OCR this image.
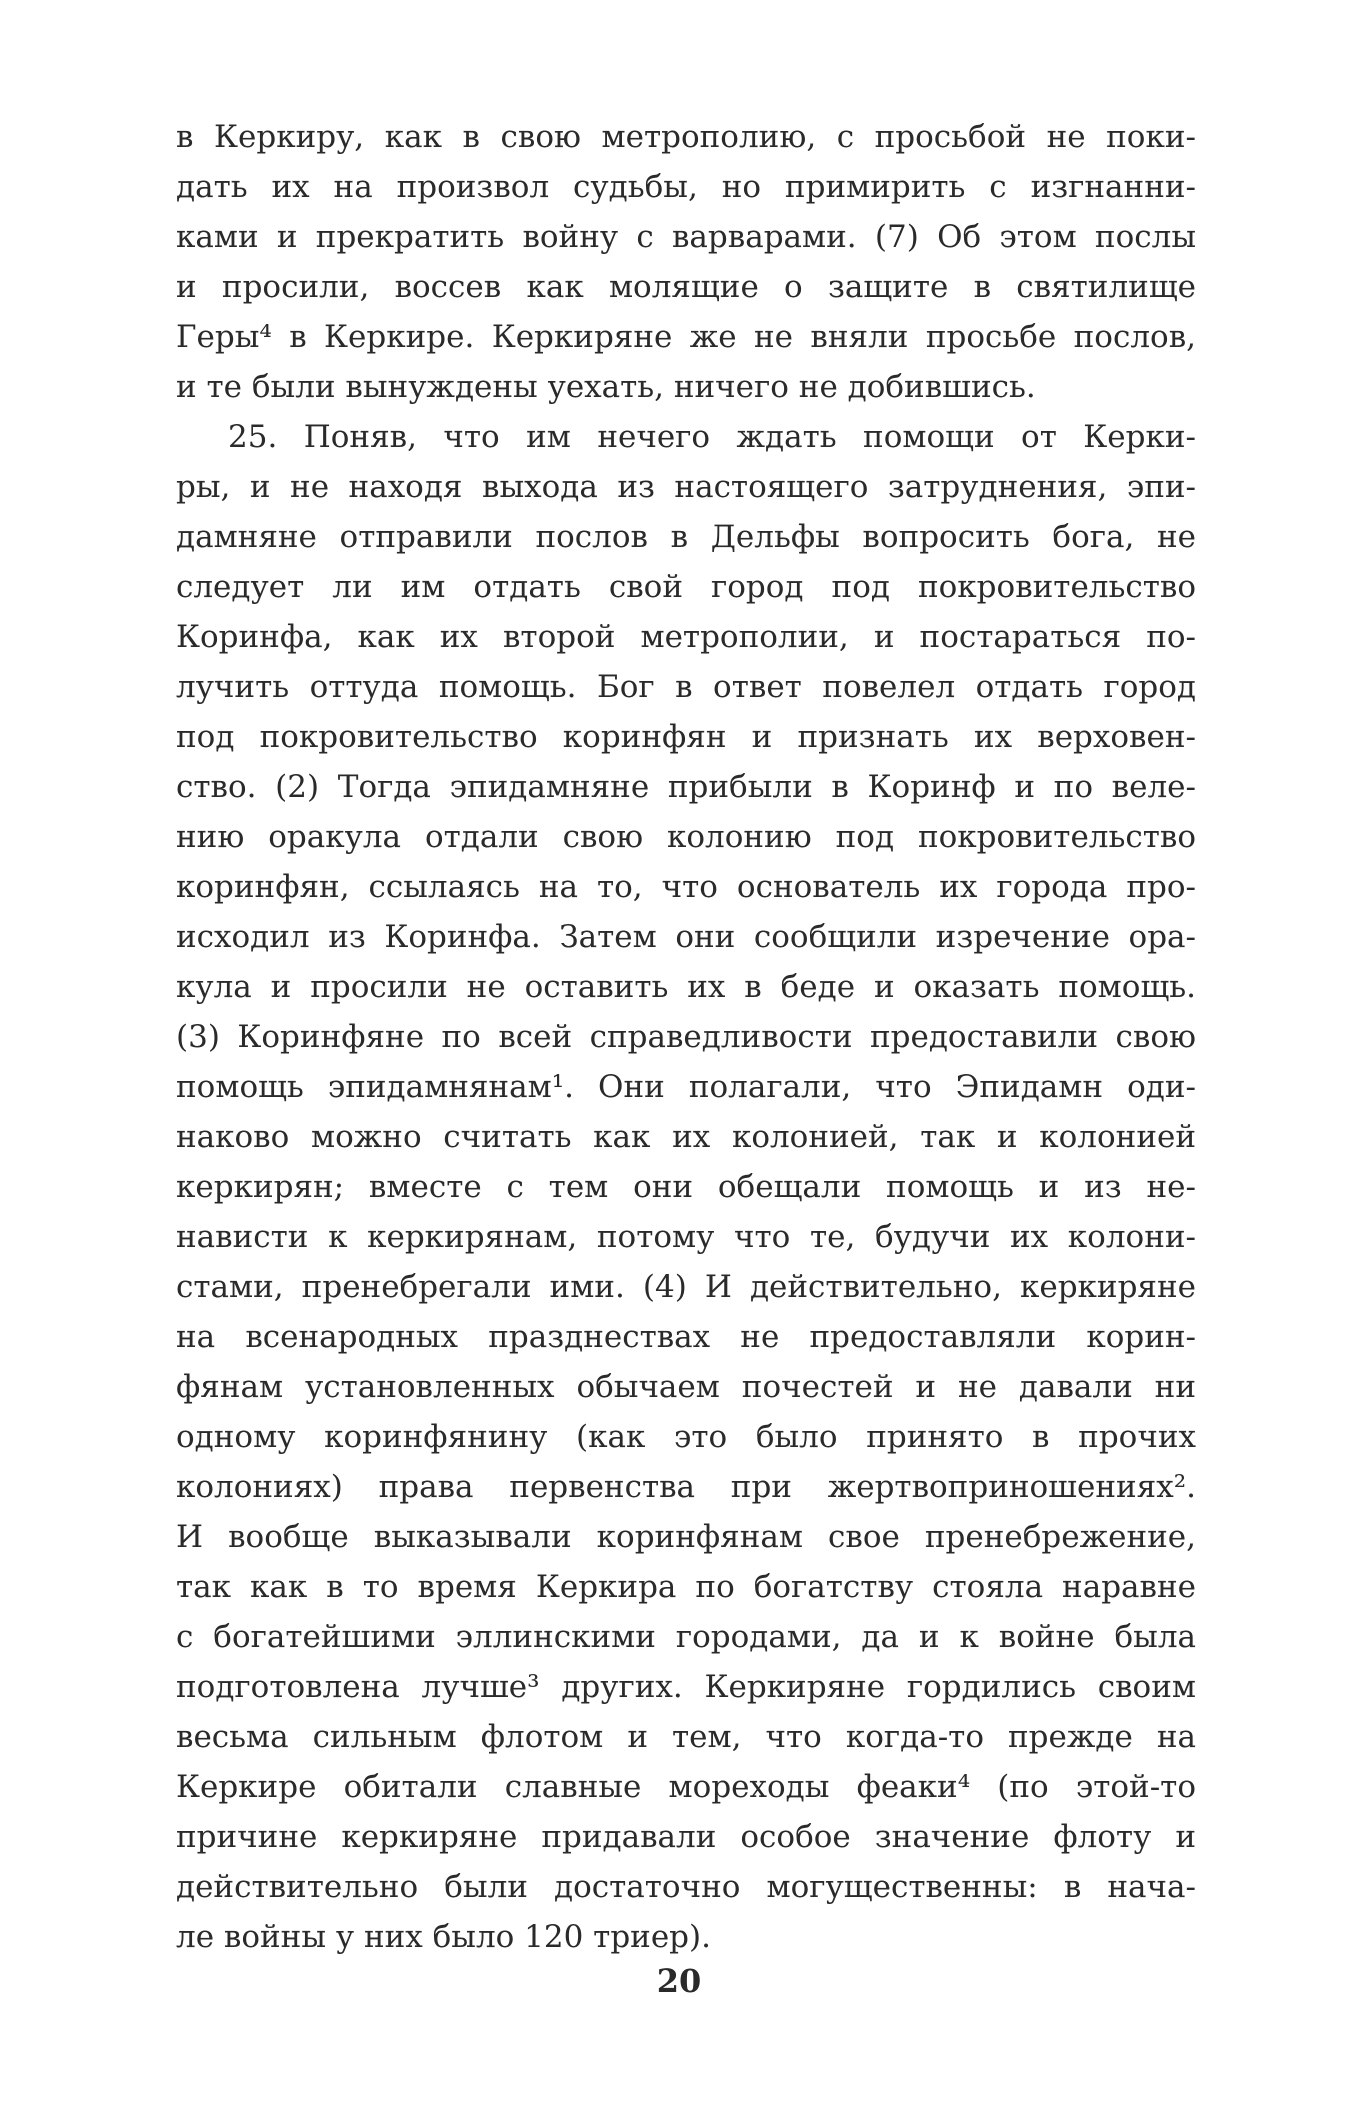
в Керкиру, как в свою метрополию, с просьбой не поки-
дать их на произвол судьбы, но примирить с изгнанни-
ками и прекратить войну с варварами. (7) Об этом послы
и просили, воссев как молящие о защите в святилище
Геры⁴ в Керкире. Керкиряне же не вняли просьбе послов,
и те были вынуждены уехать, ничего не добившись.
25. Поняв, что им нечего ждать помощи от Керки-
ры, и не находя выхода из настоящего затруднения, эпи-
дамняне отправили послов в Дельфы вопросить бога, не
следует ли им отдать свой город под покровительство
Коринфа, как их второй метрополии, и постараться по-
лучить оттуда помощь. Бог в ответ повелел отдать город
под покровительство коринфян и признать их верховен-
ство. (2) Тогда эпидамняне прибыли в Коринф и по веле-
нию оракула отдали свою колонию под покровительство
коринфян, ссылаясь на то, что основатель их города про-
исходил из Коринфа. Затем они сообщили изречение ора-
кула и просили не оставить их в беде и оказать помощь.
(3) Коринфяне по всей справедливости предоставили свою
помощь эпидамнянам¹. Они полагали, что Эпидамн оди-
наково можно считать как их колонией, так и колонией
керкирян; вместе с тем они обещали помощь и из не-
нависти к керкирянам, потому что те, будучи их колони-
стами, пренебрегали ими. (4) И действительно, керкиряне
на всенародных празднествах не предоставляли корин-
фянам установленных обычаем почестей и не давали ни
одному коринфянину (как это было принято в прочих
колониях) права первенства при жертвоприношениях².
И вообще выказывали коринфянам свое пренебрежение,
так как в то время Керкира по богатству стояла наравне
с богатейшими эллинскими городами, да и к войне была
подготовлена лучше³ других. Керкиряне гордились своим
весьма сильным флотом и тем, что когда-то прежде на
Керкире обитали славные мореходы феаки⁴ (по этой-то
причине керкиряне придавали особое значение флоту и
действительно были достаточно могущественны: в нача-
ле войны у них было 120 триер).
20
